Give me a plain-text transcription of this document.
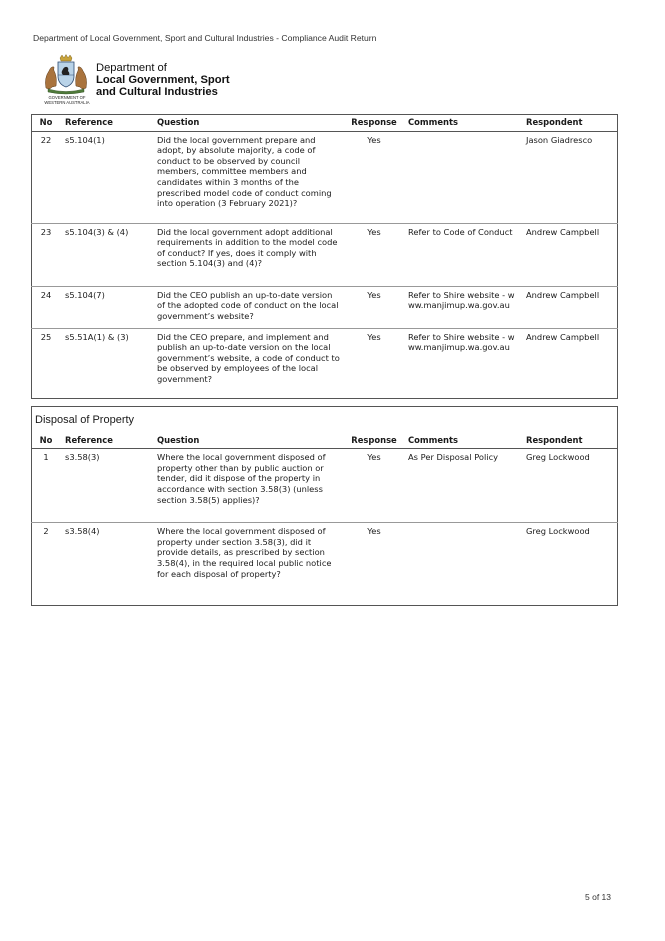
Department of Local Government, Sport and Cultural Industries - Compliance Audit Return
GOVERNMENT OF
WESTERN AUSTRALIA
Department of
Local Government, Sport
and Cultural Industries
No	Reference	Question	Response	Comments	Respondent
22	s5.104(1)	Did the local government prepare and adopt, by absolute majority, a code of conduct to be observed by council members, committee members and candidates within 3 months of the prescribed model code of conduct coming into operation (3 February 2021)?	Yes		Jason Giadresco
23	s5.104(3) & (4)	Did the local government adopt additional requirements in addition to the model code of conduct? If yes, does it comply with section 5.104(3) and (4)?	Yes	Refer to Code of Conduct	Andrew Campbell
24	s5.104(7)	Did the CEO publish an up-to-date version of the adopted code of conduct on the local government’s website?	Yes	Refer to Shire website - www.manjimup.wa.gov.au	Andrew Campbell
25	s5.51A(1) & (3)	Did the CEO prepare, and implement and publish an up-to-date version on the local government’s website, a code of conduct to be observed by employees of the local government?	Yes	Refer to Shire website - www.manjimup.wa.gov.au	Andrew Campbell
Disposal of Property					
No	Reference	Question	Response	Comments	Respondent
1	s3.58(3)	Where the local government disposed of property other than by public auction or tender, did it dispose of the property in accordance with section 3.58(3) (unless section 3.58(5) applies)?	Yes	As Per Disposal Policy	Greg Lockwood
2	s3.58(4)	Where the local government disposed of property under section 3.58(3), did it provide details, as prescribed by section 3.58(4), in the required local public notice for each disposal of property?	Yes		Greg Lockwood
5 of 13
